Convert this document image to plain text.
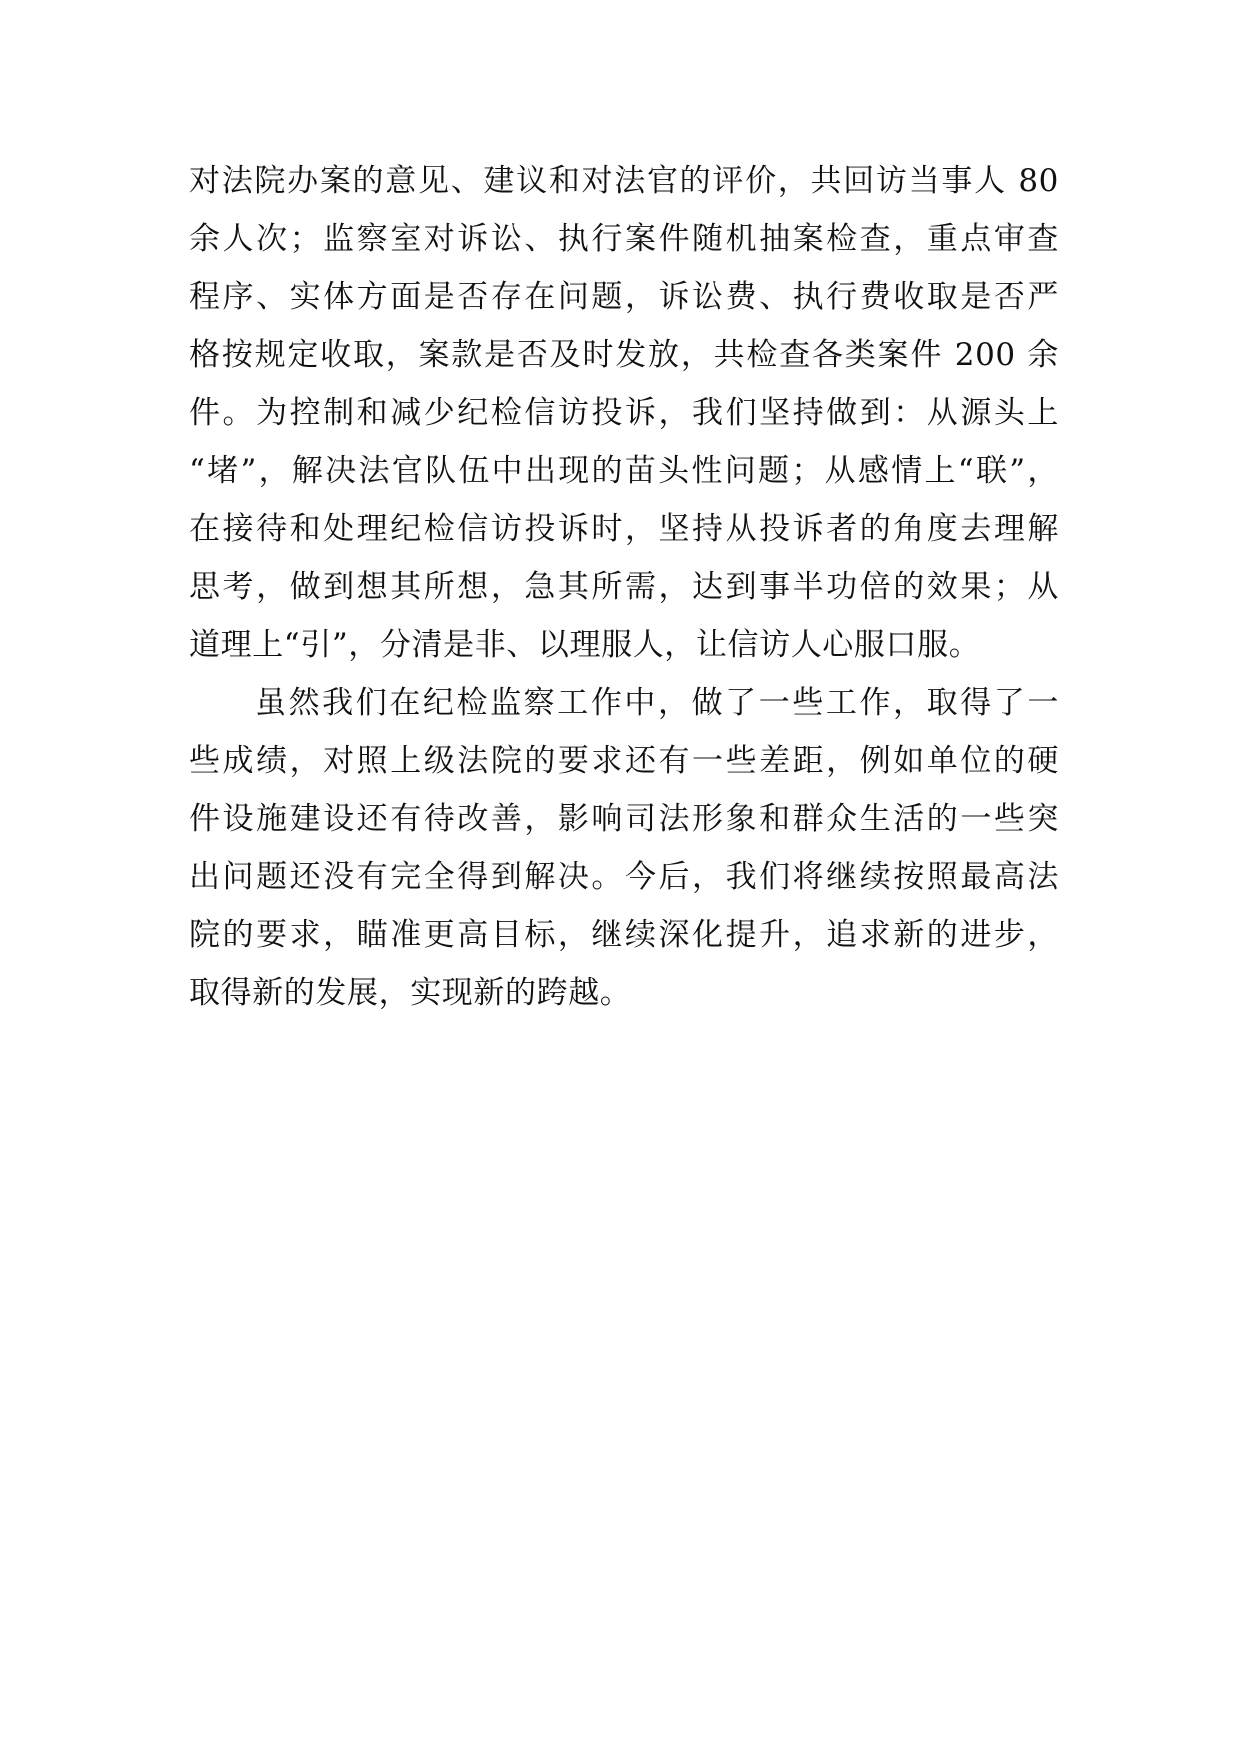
对法院办案的意见、建议和对法官的评价，共回访当事人 80
余人次；监察室对诉讼、执行案件随机抽案检查，重点审查
程序、实体方面是否存在问题，诉讼费、执行费收取是否严
格按规定收取，案款是否及时发放，共检查各类案件 200 余
件。为控制和减少纪检信访投诉，我们坚持做到：从源头上
“堵”，解决法官队伍中出现的苗头性问题；从感情上“联”，
在接待和处理纪检信访投诉时，坚持从投诉者的角度去理解
思考，做到想其所想，急其所需，达到事半功倍的效果；从
道理上“引”，分清是非、以理服人，让信访人心服口服。
虽然我们在纪检监察工作中，做了一些工作，取得了一
些成绩，对照上级法院的要求还有一些差距，例如单位的硬
件设施建设还有待改善，影响司法形象和群众生活的一些突
出问题还没有完全得到解决。今后，我们将继续按照最高法
院的要求，瞄准更高目标，继续深化提升，追求新的进步，
取得新的发展，实现新的跨越。
